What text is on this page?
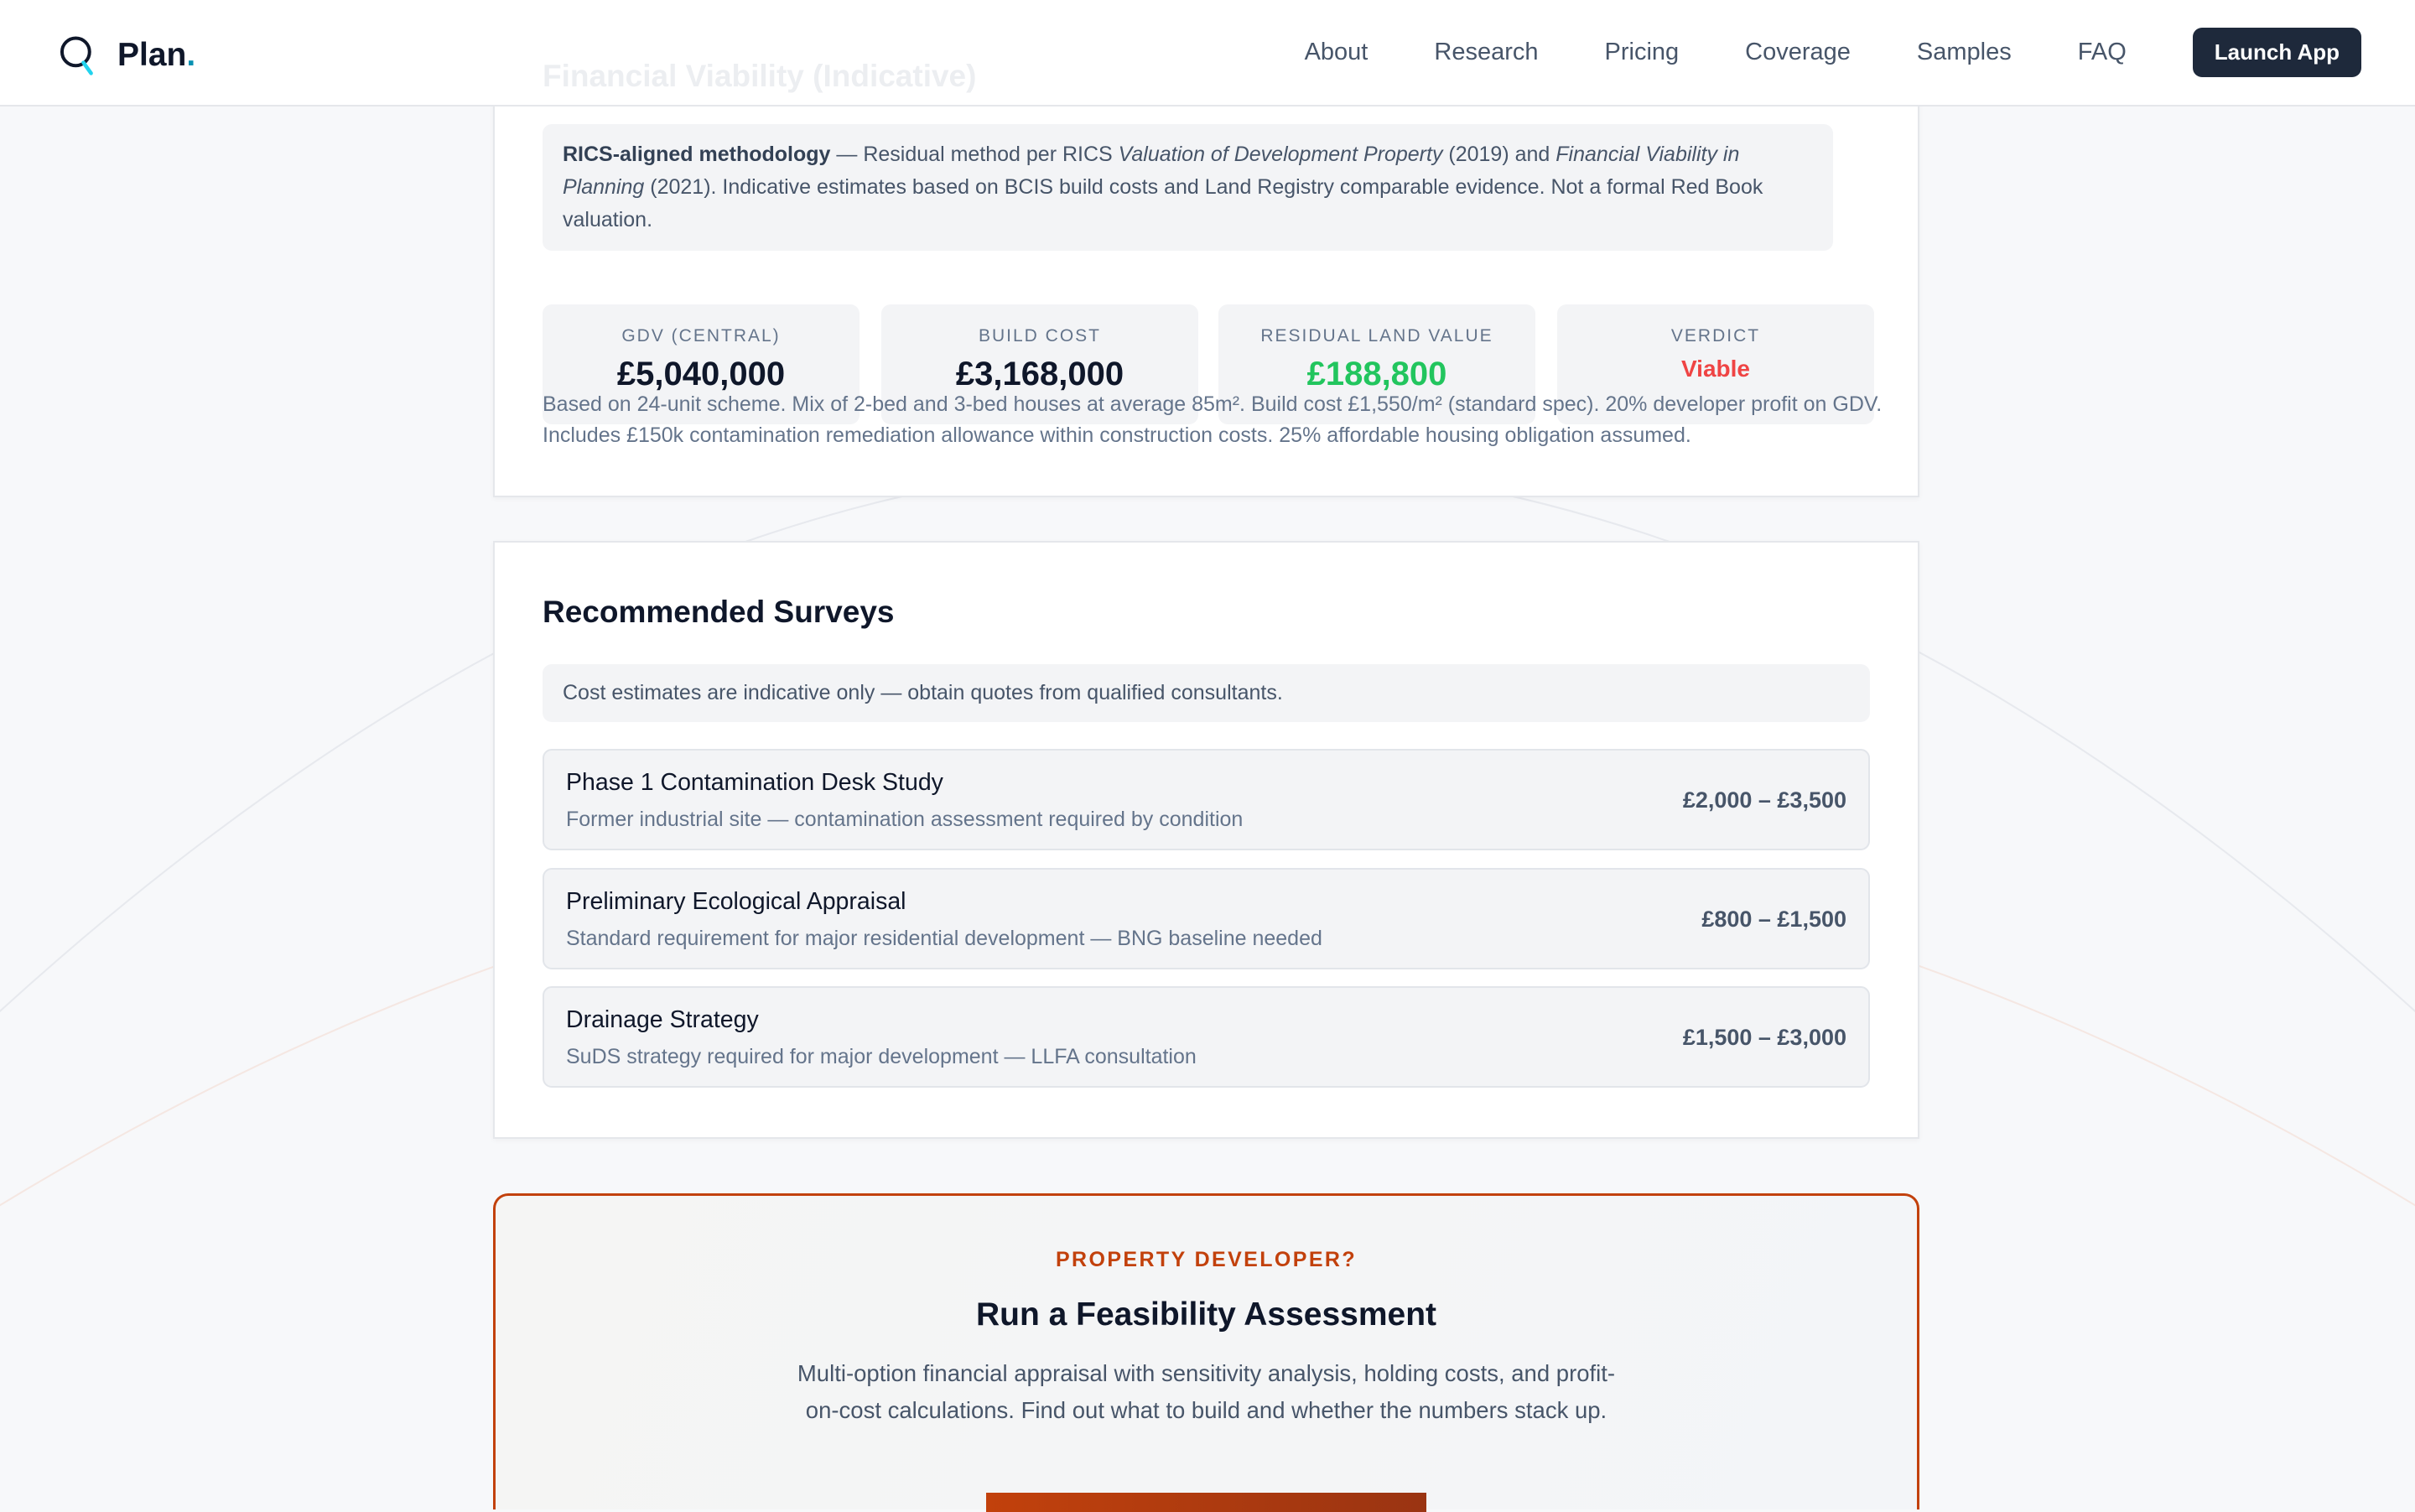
Plan.	About	Research	Pricing	Coverage	Samples	FAQ	Launch App
Financial Viability (Indicative)
RICS-aligned methodology — Residual method per RICS Valuation of Development Property (2019) and Financial Viability in Planning (2021). Indicative estimates based on BCIS build costs and Land Registry comparable evidence. Not a formal Red Book valuation.
GDV (CENTRAL)
£5,040,000
BUILD COST
£3,168,000
RESIDUAL LAND VALUE
£188,800
VERDICT
Viable
Based on 24-unit scheme. Mix of 2-bed and 3-bed houses at average 85m². Build cost £1,550/m² (standard spec). 20% developer profit on GDV. Includes £150k contamination remediation allowance within construction costs. 25% affordable housing obligation assumed.
Recommended Surveys
Cost estimates are indicative only — obtain quotes from qualified consultants.
Phase 1 Contamination Desk Study
Former industrial site — contamination assessment required by condition
£2,000 – £3,500
Preliminary Ecological Appraisal
Standard requirement for major residential development — BNG baseline needed
£800 – £1,500
Drainage Strategy
SuDS strategy required for major development — LLFA consultation
£1,500 – £3,000
PROPERTY DEVELOPER?
Run a Feasibility Assessment
Multi-option financial appraisal with sensitivity analysis, holding costs, and profit-on-cost calculations. Find out what to build and whether the numbers stack up.
